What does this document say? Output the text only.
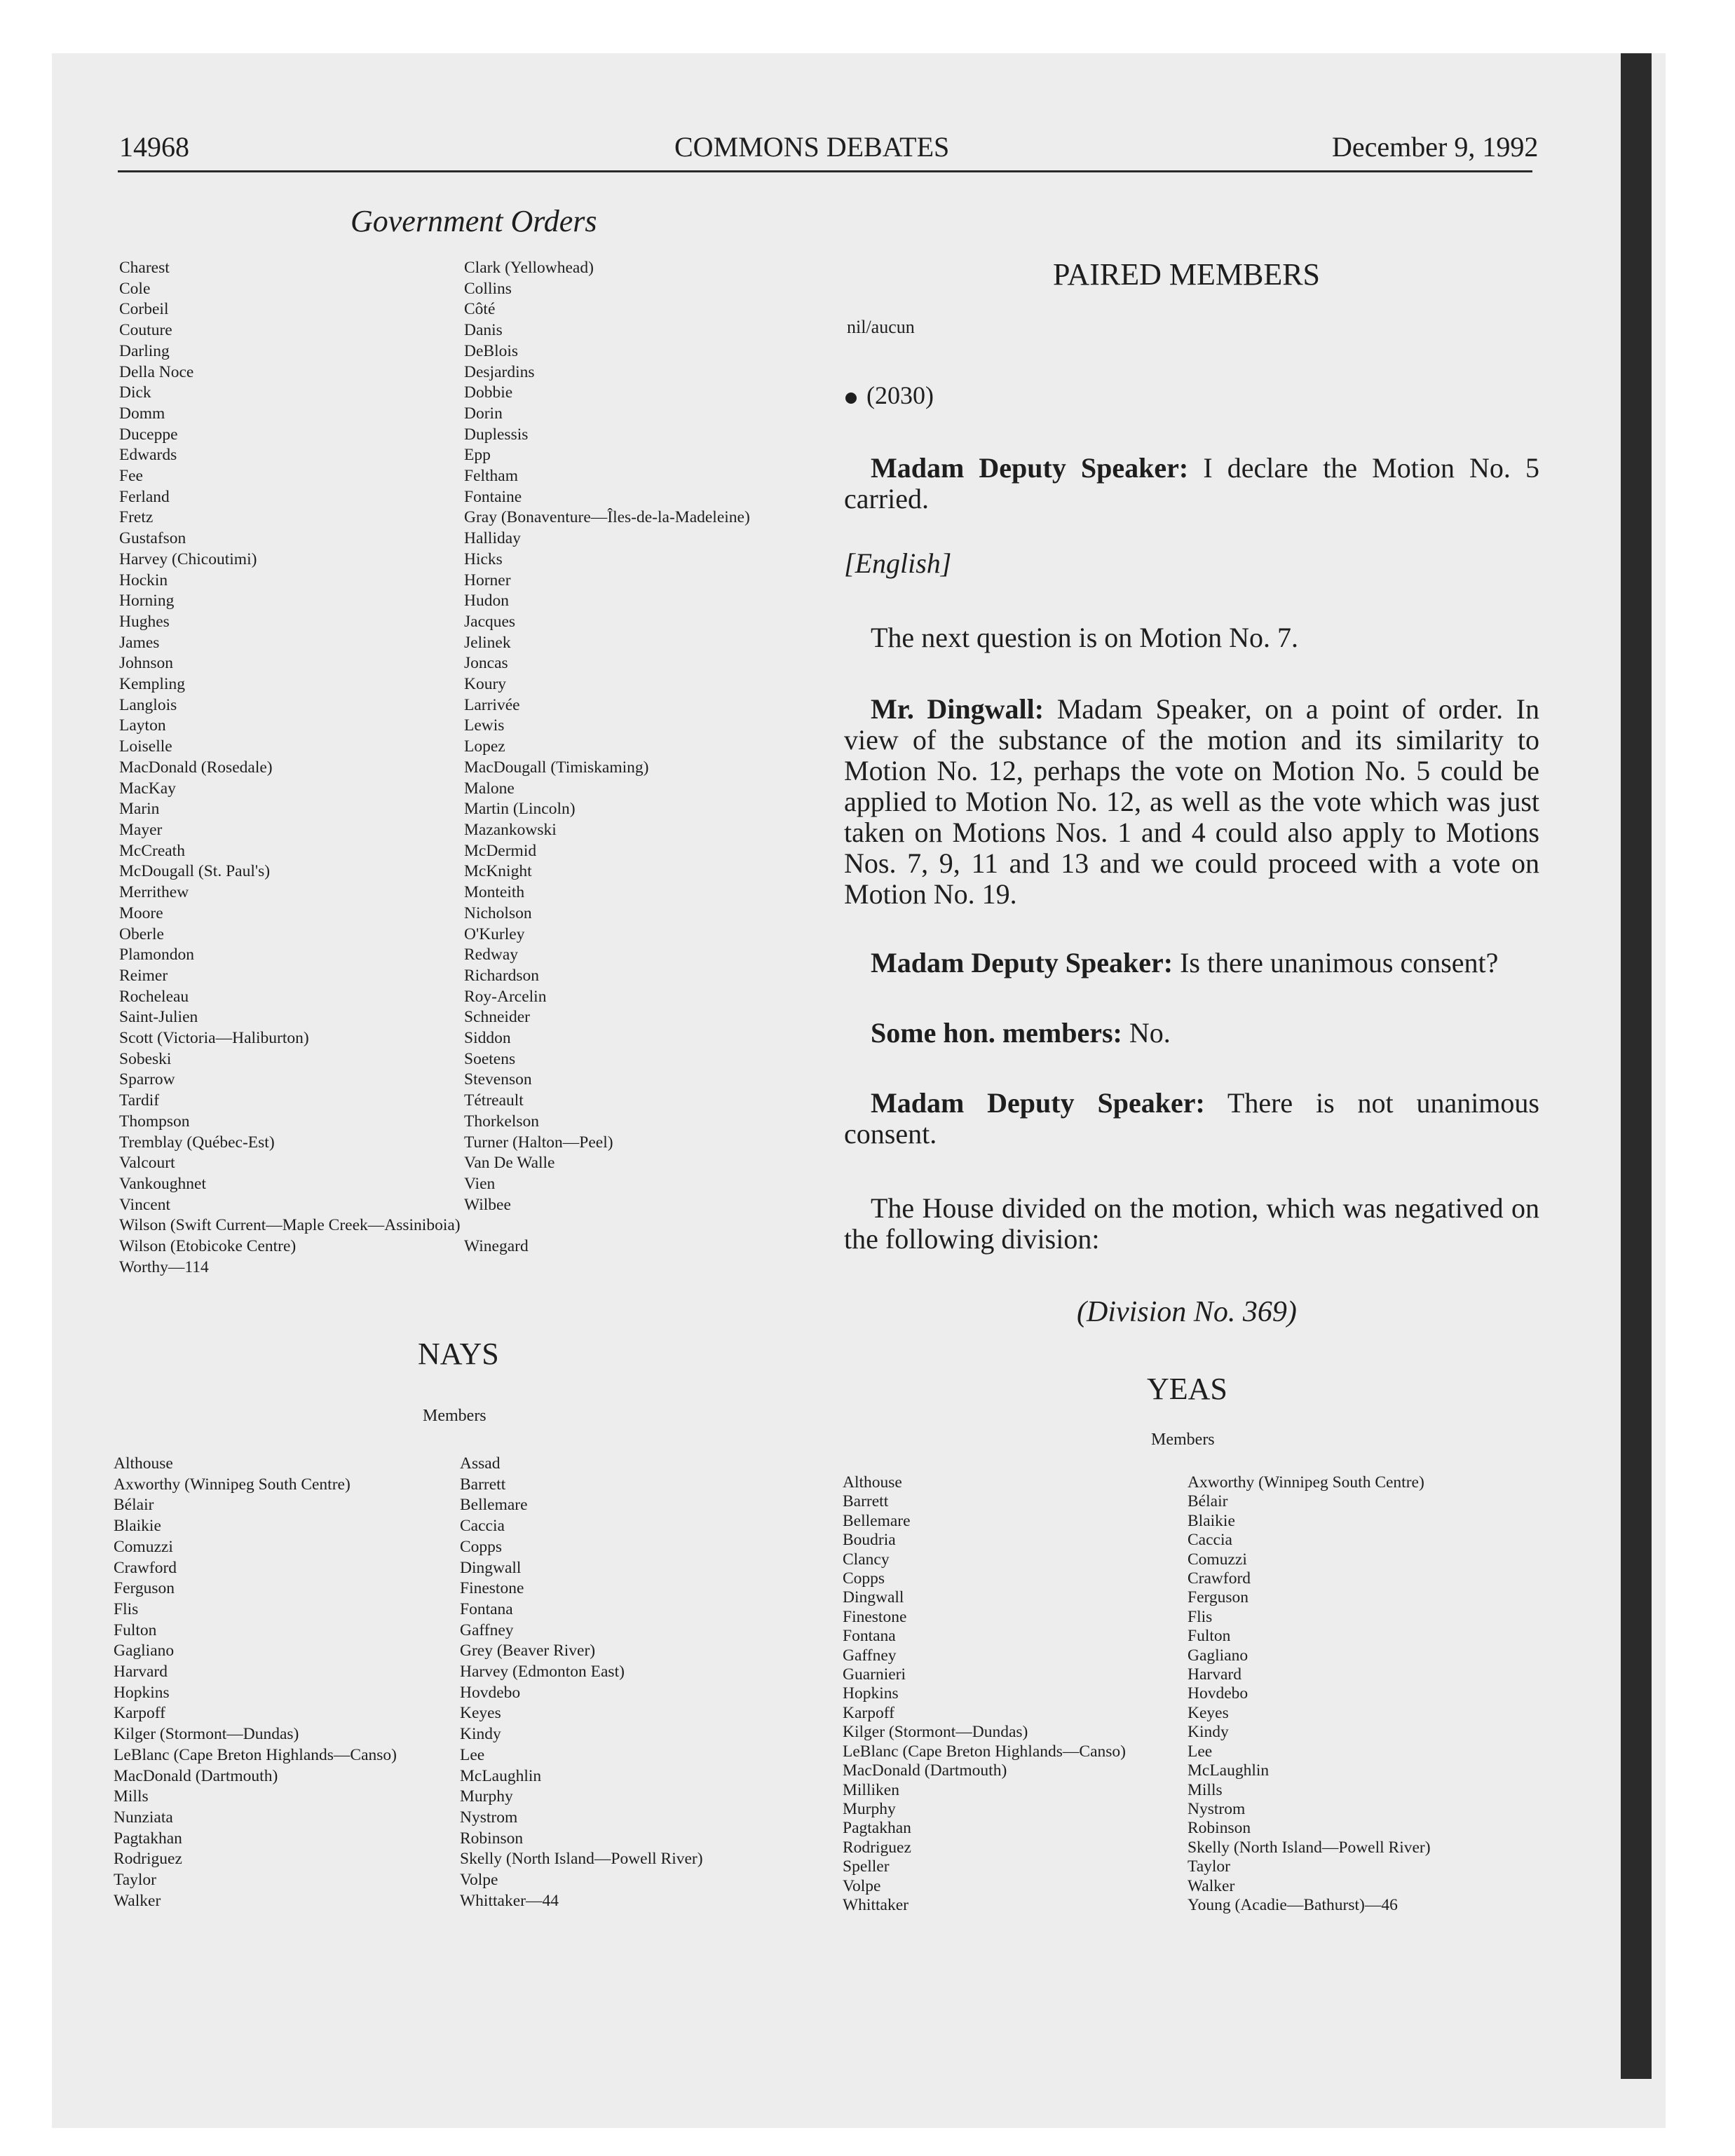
14968	COMMONS DEBATES	December 9, 1992
Government Orders
Charest
Cole
Corbeil
Couture
Darling
Della Noce
Dick
Domm
Duceppe
Edwards
Fee
Ferland
Fretz
Gustafson
Harvey (Chicoutimi)
Hockin
Horning
Hughes
James
Johnson
Kempling
Langlois
Layton
Loiselle
MacDonald (Rosedale)
MacKay
Marin
Mayer
McCreath
McDougall (St. Paul's)
Merrithew
Moore
Oberle
Plamondon
Reimer
Rocheleau
Saint-Julien
Scott (Victoria—Haliburton)
Sobeski
Sparrow
Tardif
Thompson
Tremblay (Québec-Est)
Valcourt
Vankoughnet
Vincent
Wilson (Swift Current—Maple Creek—Assiniboia)
Wilson (Etobicoke Centre)
Worthy—114
Clark (Yellowhead)
Collins
Côté
Danis
DeBlois
Desjardins
Dobbie
Dorin
Duplessis
Epp
Feltham
Fontaine
Gray (Bonaventure—Îles-de-la-Madeleine)
Halliday
Hicks
Horner
Hudon
Jacques
Jelinek
Joncas
Koury
Larrivée
Lewis
Lopez
MacDougall (Timiskaming)
Malone
Martin (Lincoln)
Mazankowski
McDermid
McKnight
Monteith
Nicholson
O'Kurley
Redway
Richardson
Roy-Arcelin
Schneider
Siddon
Soetens
Stevenson
Tétreault
Thorkelson
Turner (Halton—Peel)
Van De Walle
Vien
Wilbee

Winegard
NAYS
Members
Althouse
Axworthy (Winnipeg South Centre)
Bélair
Blaikie
Comuzzi
Crawford
Ferguson
Flis
Fulton
Gagliano
Harvard
Hopkins
Karpoff
Kilger (Stormont—Dundas)
LeBlanc (Cape Breton Highlands—Canso)
MacDonald (Dartmouth)
Mills
Nunziata
Pagtakhan
Rodriguez
Taylor
Walker
Assad
Barrett
Bellemare
Caccia
Copps
Dingwall
Finestone
Fontana
Gaffney
Grey (Beaver River)
Harvey (Edmonton East)
Hovdebo
Keyes
Kindy
Lee
McLaughlin
Murphy
Nystrom
Robinson
Skelly (North Island—Powell River)
Volpe
Whittaker—44
PAIRED MEMBERS
nil/aucun
(2030)

Madam Deputy Speaker: I declare the Motion No. 5 carried.

[English]

The next question is on Motion No. 7.

Mr. Dingwall: Madam Speaker, on a point of order. In view of the substance of the motion and its similarity to Motion No. 12, perhaps the vote on Motion No. 5 could be applied to Motion No. 12, as well as the vote which was just taken on Motions Nos. 1 and 4 could also apply to Motions Nos. 7, 9, 11 and 13 and we could proceed with a vote on Motion No. 19.

Madam Deputy Speaker: Is there unanimous consent?

Some hon. members: No.

Madam Deputy Speaker: There is not unanimous consent.

The House divided on the motion, which was negatived on the following division:

(Division No. 369)
YEAS
Members
Althouse
Barrett
Bellemare
Boudria
Clancy
Copps
Dingwall
Finestone
Fontana
Gaffney
Guarnieri
Hopkins
Karpoff
Kilger (Stormont—Dundas)
LeBlanc (Cape Breton Highlands—Canso)
MacDonald (Dartmouth)
Milliken
Murphy
Pagtakhan
Rodriguez
Speller
Volpe
Whittaker
Axworthy (Winnipeg South Centre)
Bélair
Blaikie
Caccia
Comuzzi
Crawford
Ferguson
Flis
Fulton
Gagliano
Harvard
Hovdebo
Keyes
Kindy
Lee
McLaughlin
Mills
Nystrom
Robinson
Skelly (North Island—Powell River)
Taylor
Walker
Young (Acadie—Bathurst)—46
